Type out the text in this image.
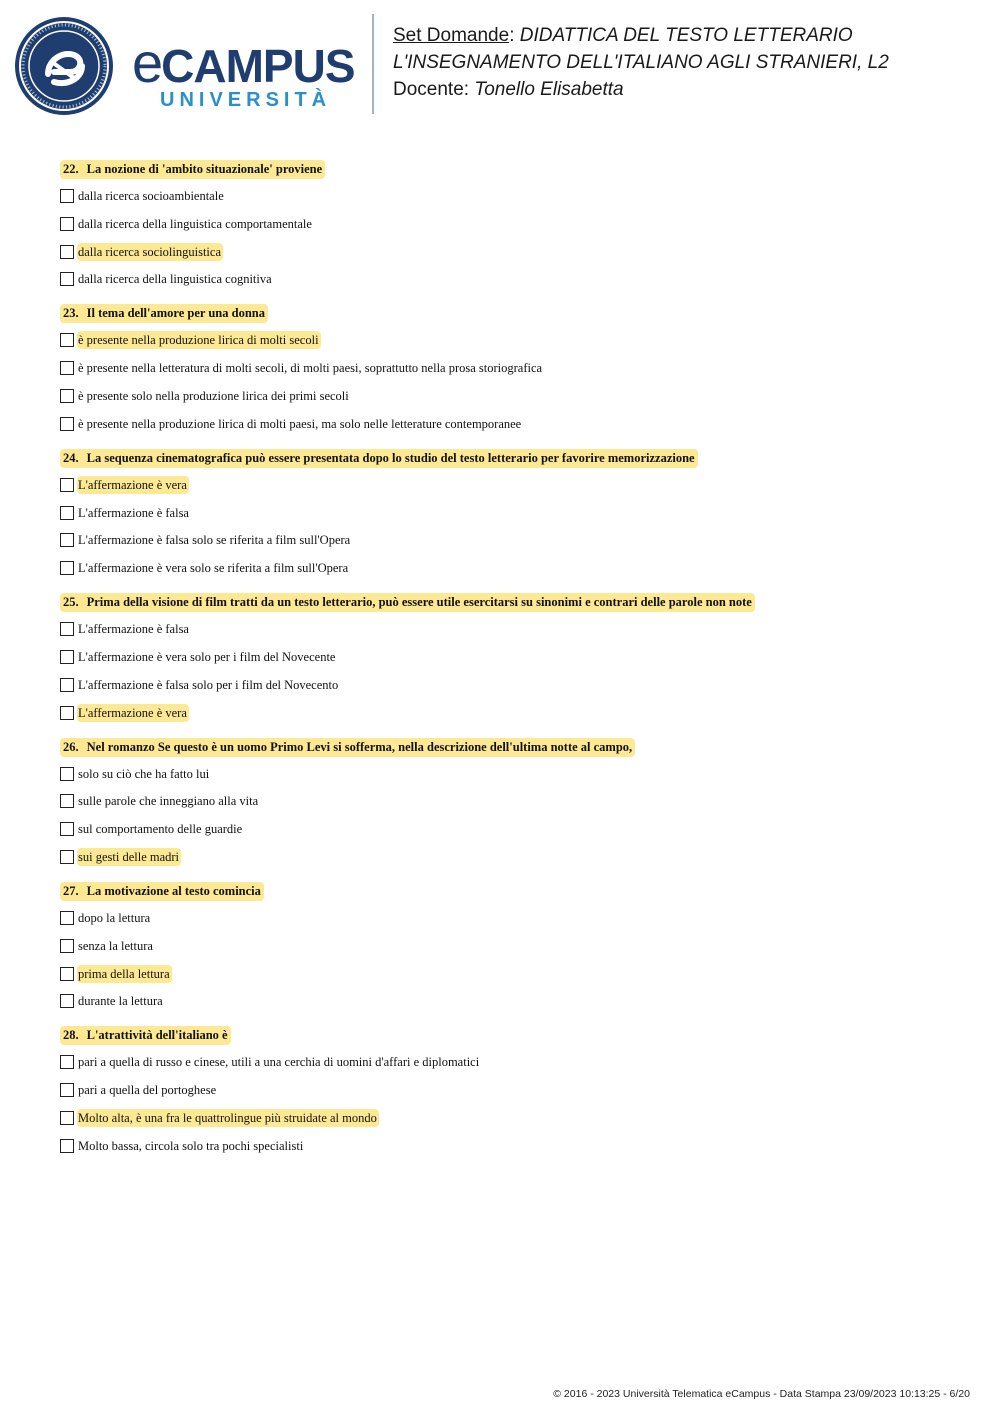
eCAMPUS
UNIVERSITÀ
Set Domande: DIDATTICA DEL TESTO LETTERARIO
L'INSEGNAMENTO DELL'ITALIANO AGLI STRANIERI, L2
Docente: Tonello Elisabetta
22. La nozione di 'ambito situazionale' proviene
dalla ricerca socioambientale
dalla ricerca della linguistica comportamentale
dalla ricerca sociolinguistica
dalla ricerca della linguistica cognitiva
23. Il tema dell'amore per una donna
è presente nella produzione lirica di molti secoli
è presente nella letteratura di molti secoli, di molti paesi, soprattutto nella prosa storiografica
è presente solo nella produzione lirica dei primi secoli
è presente nella produzione lirica di molti paesi, ma solo nelle letterature contemporanee
24. La sequenza cinematografica può essere presentata dopo lo studio del testo letterario per favorire memorizzazione
L'affermazione è vera
L'affermazione è falsa
L'affermazione è falsa solo se riferita a film sull'Opera
L'affermazione è vera solo se riferita a film sull'Opera
25. Prima della visione di film tratti da un testo letterario, può essere utile esercitarsi su sinonimi e contrari delle parole non note
L'affermazione è falsa
L'affermazione è vera solo per i film del Novecente
L'affermazione è falsa solo per i film del Novecento
L'affermazione è vera
26. Nel romanzo Se questo è un uomo Primo Levi si sofferma, nella descrizione dell'ultima notte al campo,
solo su ciò che ha fatto lui
sulle parole che inneggiano alla vita
sul comportamento delle guardie
sui gesti delle madri
27. La motivazione al testo comincia
dopo la lettura
senza la lettura
prima della lettura
durante la lettura
28. L'atrattività dell'italiano è
pari a quella di russo e cinese, utili a una cerchia di uomini d'affari e diplomatici
pari a quella del portoghese
Molto alta, è una fra le quattrolingue più struidate al mondo
Molto bassa, circola solo tra pochi specialisti
© 2016 - 2023 Università Telematica eCampus - Data Stampa 23/09/2023 10:13:25 - 6/20
